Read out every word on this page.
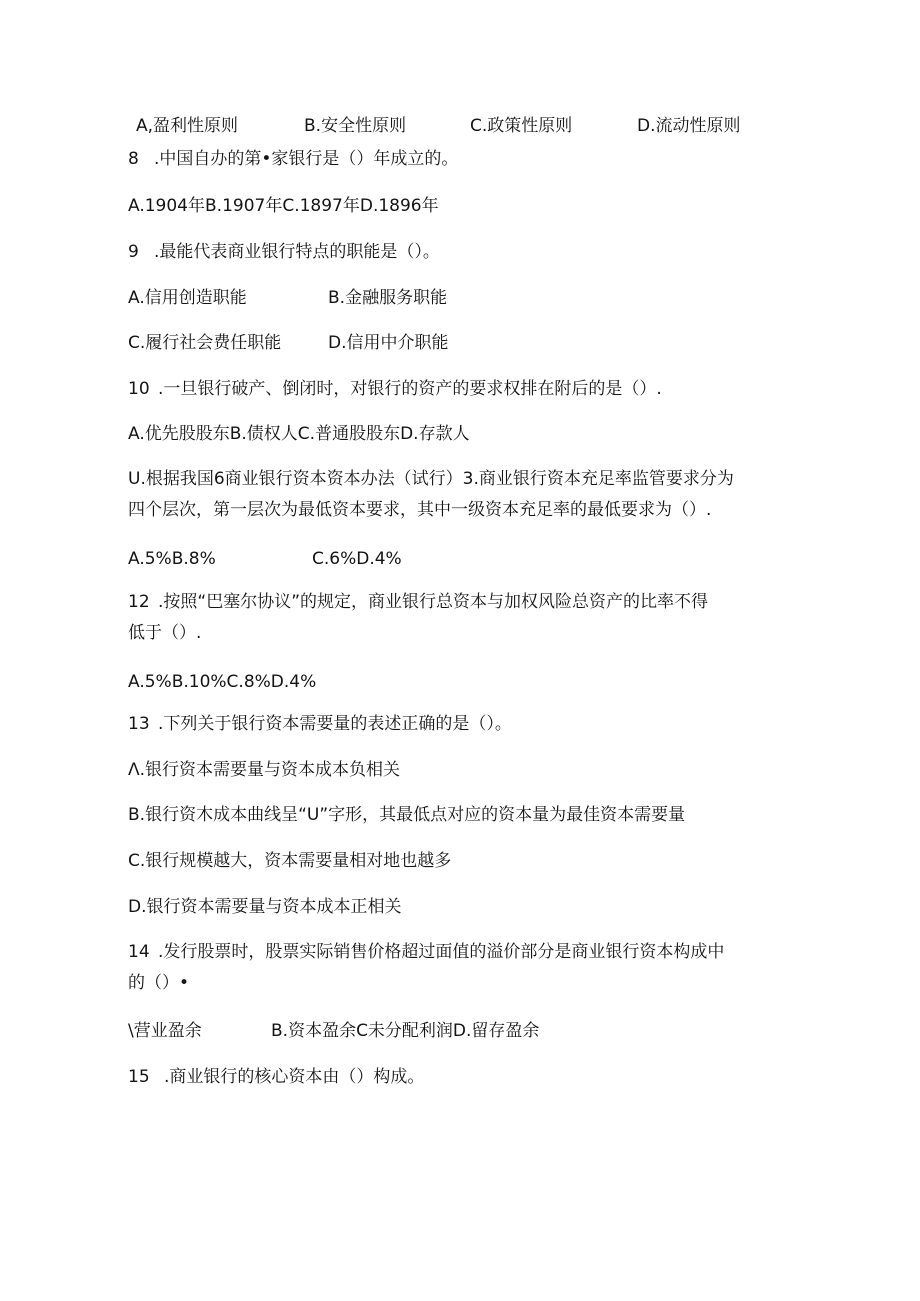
A,盈利性原则	B.安全性原则	C.政策性原则	D.流动性原则
8 .中国自办的第•家银行是（）年成立的。
A.1904年B.1907年C.1897年D.1896年
9 .最能代表商业银行特点的职能是（）。
A.信用创造职能	B.金融服务职能
C.履行社会费任职能	D.信用中介职能
10 .一旦银行破产、倒闭时，对银行的资产的要求权排在附后的是（）.
A.优先股股东B.债权人C.普通股股东D.存款人
U.根据我国6商业银行资本资本办法（试行）3.商业银行资本充足率监管要求分为
四个层次，第一层次为最低资本要求，其中一级资本充足率的最低要求为（）.
A.5%B.8%	C.6%D.4%
12 .按照“巴塞尔协议”的规定，商业银行总资本与加权风险总资产的比率不得
低于（）.
A.5%B.10%C.8%D.4%
13 .下列关于银行资本需要量的表述正确的是（）。
Λ.银行资本需要量与资本成本负相关
B.银行资木成本曲线呈“U”字形，其最低点对应的资本量为最佳资本需要量
C.银行规模越大，资本需要量相对地也越多
D.银行资本需要量与资本成本正相关
14 .发行股票时，股票实际销售价格超过面值的溢价部分是商业银行资本构成中
的（）•
\营业盈余	B.资本盈余C未分配利润D.留存盈余
15 .商业银行的核心资本由（）构成。
